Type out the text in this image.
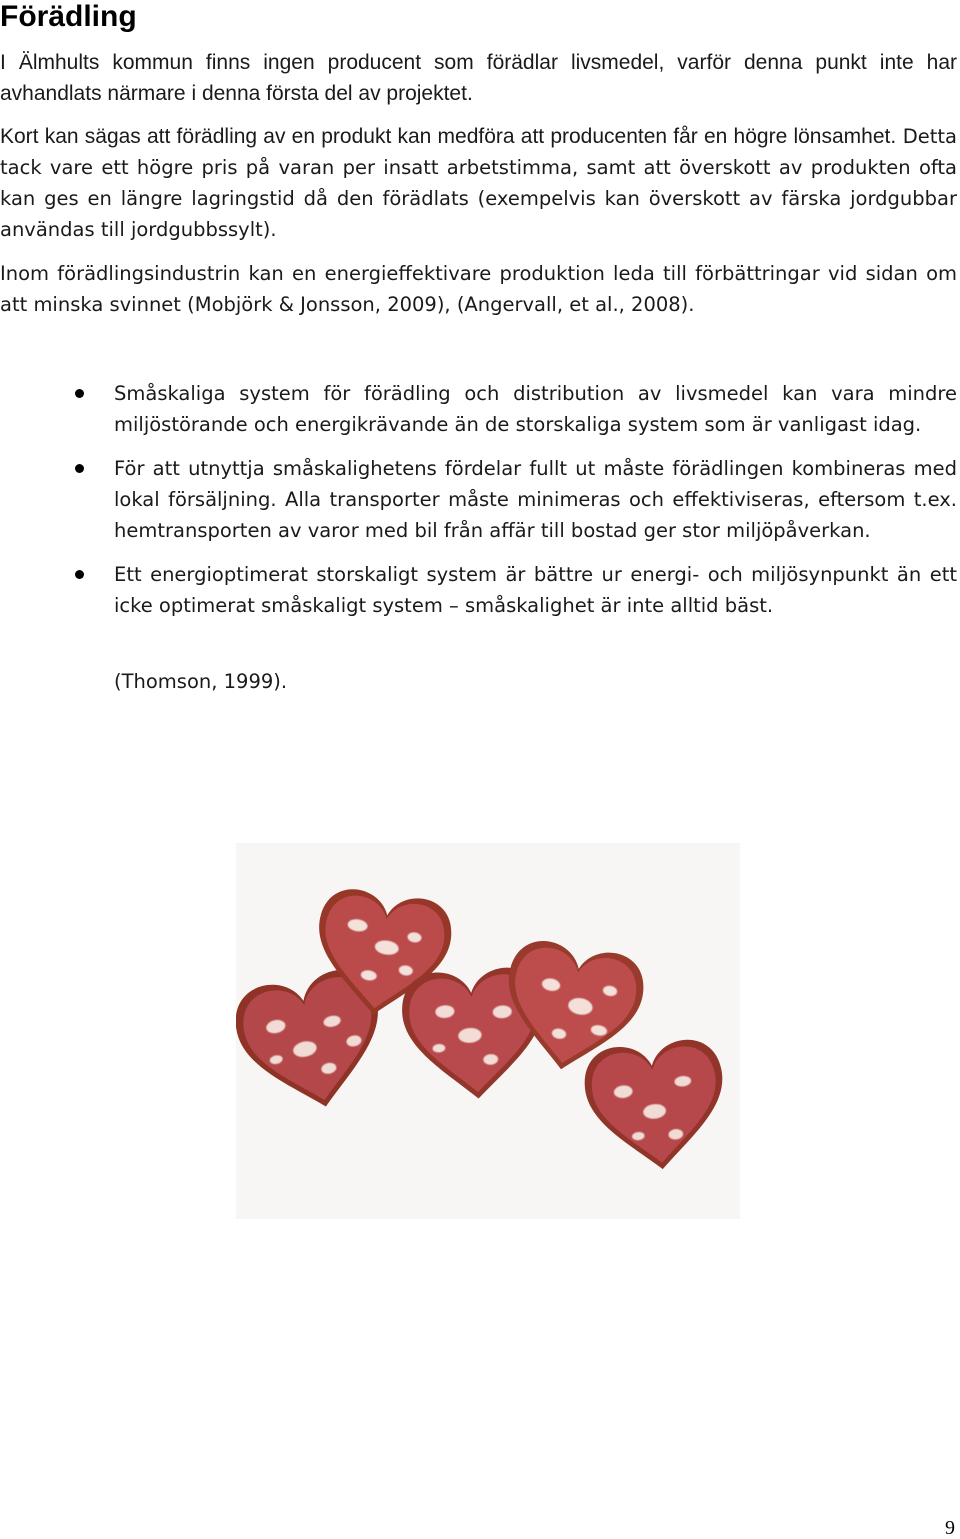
Förädling

I Älmhults kommun finns ingen producent som förädlar livsmedel, varför denna punkt inte har avhandlats närmare i denna första del av projektet.

Kort kan sägas att förädling av en produkt kan medföra att producenten får en högre lönsamhet. Detta tack vare ett högre pris på varan per insatt arbetstimma, samt att överskott av produkten ofta kan ges en längre lagringstid då den förädlats (exempelvis kan överskott av färska jordgubbar användas till jordgubbssylt).

Inom förädlingsindustrin kan en energieffektivare produktion leda till förbättringar vid sidan om att minska svinnet (Mobjörk & Jonsson, 2009), (Angervall, et al., 2008).

Småskaliga system för förädling och distribution av livsmedel kan vara mindre miljöstörande och energikrävande än de storskaliga system som är vanligast idag.
För att utnyttja småskalighetens fördelar fullt ut måste förädlingen kombineras med lokal försäljning. Alla transporter måste minimeras och effektiviseras, eftersom t.ex. hemtransporten av varor med bil från affär till bostad ger stor miljöpåverkan.
Ett energioptimerat storskaligt system är bättre ur energi- och miljösynpunkt än ett icke optimerat småskaligt system – småskalighet är inte alltid bäst.

(Thomson, 1999).

9
